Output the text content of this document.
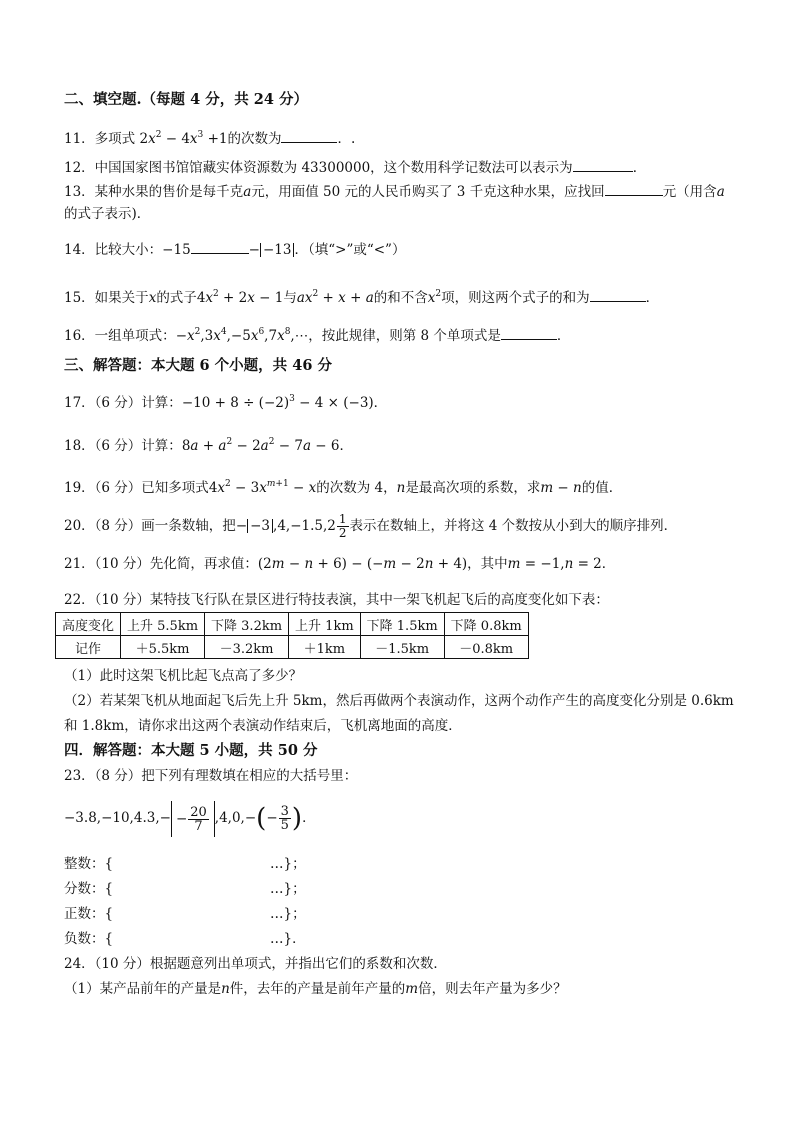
二、填空题.（每题 4 分，共 24 分）
11．多项式 $2x^2 - 4x^3 +1$的次数为	．.
12．中国国家图书馆馆藏实体资源数为 43300000，这个数用科学记数法可以表示为	．
13．某种水果的售价是每千克a元，用面值 50 元的人民币购买了 3 千克这种水果，应找回	元（用含a
的式子表示)．
14．比较大小：−15	− −13 ．（填“>”或“<”）
15．如果关于x的式子$4x^2 + 2x - 1$与$ax^2 + x + a$的和不含$x^2$项，则这两个式子的和为	．
16．一组单项式：$-x^2,3x^4,-5x^6,7x^8,\cdots$，按此规律，则第 8 个单项式是	．
三、解答题：本大题 6 个小题，共 46 分
17．（6 分）计算：$-10 + 8 \div (-2)^3 - 4 \times (-3)$．
18．（6 分）计算：$8a + a^2 - 2a^2 - 7a - 6$．
19．（6 分）已知多项式$4x^2 - 3x^{m+1} - x$的次数为 4，n是最高次项的系数，求m − n的值．
20．（8 分）画一条数轴，把− −3 $,4,-1.5,2 \frac{1}{2}$ 表示在数轴上，并将这 4 个数按从小到大的顺序排列．
21．（10 分）先化简，再求值：(2m − n + 6) − (−m − 2n + 4)，其中m = −1,n = 2．
22．（10 分）某特技飞行队在景区进行特技表演，其中一架飞机起飞后的高度变化如下表：
高度变化	上升 5.5km	下降 3.2km	上升 1km	下降 1.5km	下降 0.8km
记作	＋5.5km	－3.2km	＋1km	－1.5km	－0.8km
（1）此时这架飞机比起飞点高了多少？
（2）若某架飞机从地面起飞后先上升 5km，然后再做两个表演动作，这两个动作产生的高度变化分别是 0.6km
和 1.8km，请你求出这两个表演动作结束后，飞机离地面的高度．
四．解答题：本大题 5 小题，共 50 分
23．（8 分）把下列有理数填在相应的大括号里：
$-3.8,-10,4.3,- - \frac{20}{7} ,4,0,-(- \frac{3}{5}$ )．
整数：{	…}；
分数：{	…}；
正数：{	…}；
负数：{	…}．
24．（10 分）根据题意列出单项式，并指出它们的系数和次数．
（1）某产品前年的产量是n件，去年的产量是前年产量的m倍，则去年产量为多少？
